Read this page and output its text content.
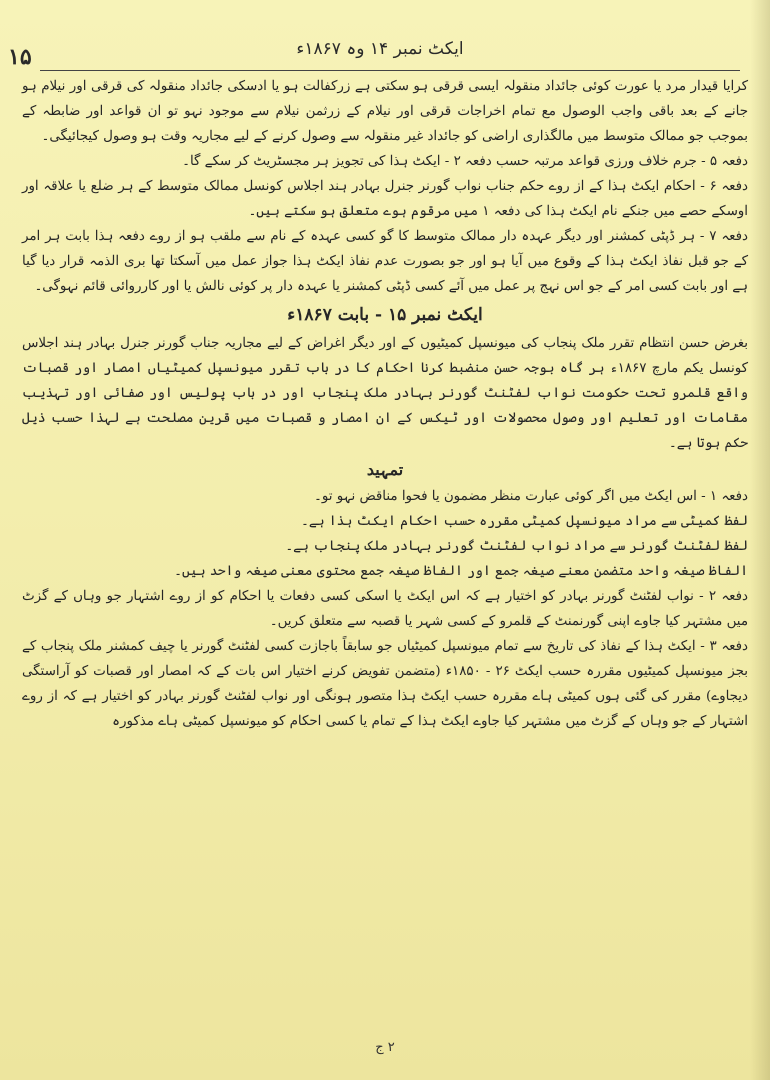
۱۵	ایکٹ نمبر ۱۴ وہ ۱۸۶۷ء

کرایا قیدار مرد یا عورت کوئی جائداد منقولہ ایسی قرقی ہو سکتی ہے زرکفالت ہو یا ادسکی جائداد منقولہ کی قرقی اور نیلام ہو جانے کے بعد باقی واجب الوصول مع تمام اخراجات قرقی اور نیلام کے زرثمن نیلام سے موجود نہو تو ان قواعد اور ضابطہ کے بموجب جو ممالک متوسط میں مالگذاری اراضی کو جائداد غیر منقولہ سے وصول کرنے کے لیے مجاریہ وقت ہو وصول کیجائیگی۔

دفعہ ۵ - جرم خلاف ورزی قواعد مرتبہ حسب دفعہ ۲ - ایکٹ ہذا کی تجویز ہر مجسٹریٹ کر سکے گا۔

دفعہ ۶ - احکام ایکٹ ہذا کے از روے حکم جناب نواب گورنر جنرل بہادر ہند اجلاس کونسل ممالک متوسط کے ہر ضلع یا علاقہ اور اوسکے حصے میں جنکے نام ایکٹ ہذا کی دفعہ ۱ میں مرقوم ہوے متعلق ہو سکتے ہیں۔

دفعہ ۷ - ہر ڈپٹی کمشنر اور دیگر عہدہ دار ممالک متوسط کا گو کسی عہدہ کے نام سے ملقب ہو از روے دفعہ ہذا بابت ہر امر کے جو قبل نفاذ ایکٹ ہذا کے وقوع میں آیا ہو اور جو بصورت عدم نفاذ ایکٹ ہذا جواز عمل میں آسکتا تھا بری الذمہ قرار دیا گیا ہے اور بابت کسی امر کے جو اس نہج پر عمل میں آئے کسی ڈپٹی کمشنر یا عہدہ دار پر کوئی نالش یا اور کارروائی قائم نہوگی۔

ایکٹ نمبر ۱۵ - بابت ۱۸۶۷ء

بغرض حسن انتظام تقرر ملک پنجاب کی میونسپل کمیٹیوں کے اور دیگر اغراض کے لیے مجاریہ جناب گورنر جنرل بہادر ہند اجلاس کونسل یکم مارچ ۱۸۶۷ء ہر گاہ بوجہ حسن منضبط کرنا احکام کا در باب تقرر میونسپل کمیٹیاں امصار اور قصبات واقع قلمرو تحت حکومت نواب لفٹنٹ گورنر بہادر ملک پنجاب اور در باب پولیس اور صفائی اور تہذیب مقامات اور تعلیم اور وصول محصولات اور ٹیکس کے ان امصار و قصبات میں قرین مصلحت ہے لہذا حسب ذیل حکم ہوتا ہے۔

تمہید

دفعہ ۱ - اس ایکٹ میں اگر کوئی عبارت منظر مضمون یا فحوا مناقض نہو تو۔

لفظ کمیٹی سے مراد میونسپل کمیٹی مقررہ حسب احکام ایکٹ ہذا ہے۔

لفظ لفٹنٹ گورنر سے مراد نواب لفٹنٹ گورنر بہادر ملک پنجاب ہے۔

الفاظ صیغہ واحد متضمن معنے صیغہ جمع اور الفاظ صیغہ جمع محتوی معنی صیغہ واحد ہیں۔

دفعہ ۲ - نواب لفٹنٹ گورنر بہادر کو اختیار ہے کہ اس ایکٹ یا اسکی کسی دفعات یا احکام کو از روے اشتہار جو وہاں کے گزٹ میں مشتہر کیا جاوے اپنی گورنمنٹ کے قلمرو کے کسی شہر یا قصبہ سے متعلق کریں۔

دفعہ ۳ - ایکٹ ہذا کے نفاذ کی تاریخ سے تمام میونسپل کمیٹیاں جو سابقاً باجازت کسی لفٹنٹ گورنر یا چیف کمشنر ملک پنجاب کے بجز میونسپل کمیٹیوں مقررہ حسب ایکٹ ۲۶ - ۱۸۵۰ء (متضمن تفویض کرنے اختیار اس بات کے کہ امصار اور قصبات کو آراستگی دیجاوے) مقرر کی گئی ہوں کمیٹی ہاے مقررہ حسب ایکٹ ہذا متصور ہونگی اور نواب لفٹنٹ گورنر بہادر کو اختیار ہے کہ از روے اشتہار کے جو وہاں کے گزٹ میں مشتہر کیا جاوے ایکٹ ہذا کے تمام یا کسی احکام کو میونسپل کمیٹی ہاے مذکورہ

۲ ج
